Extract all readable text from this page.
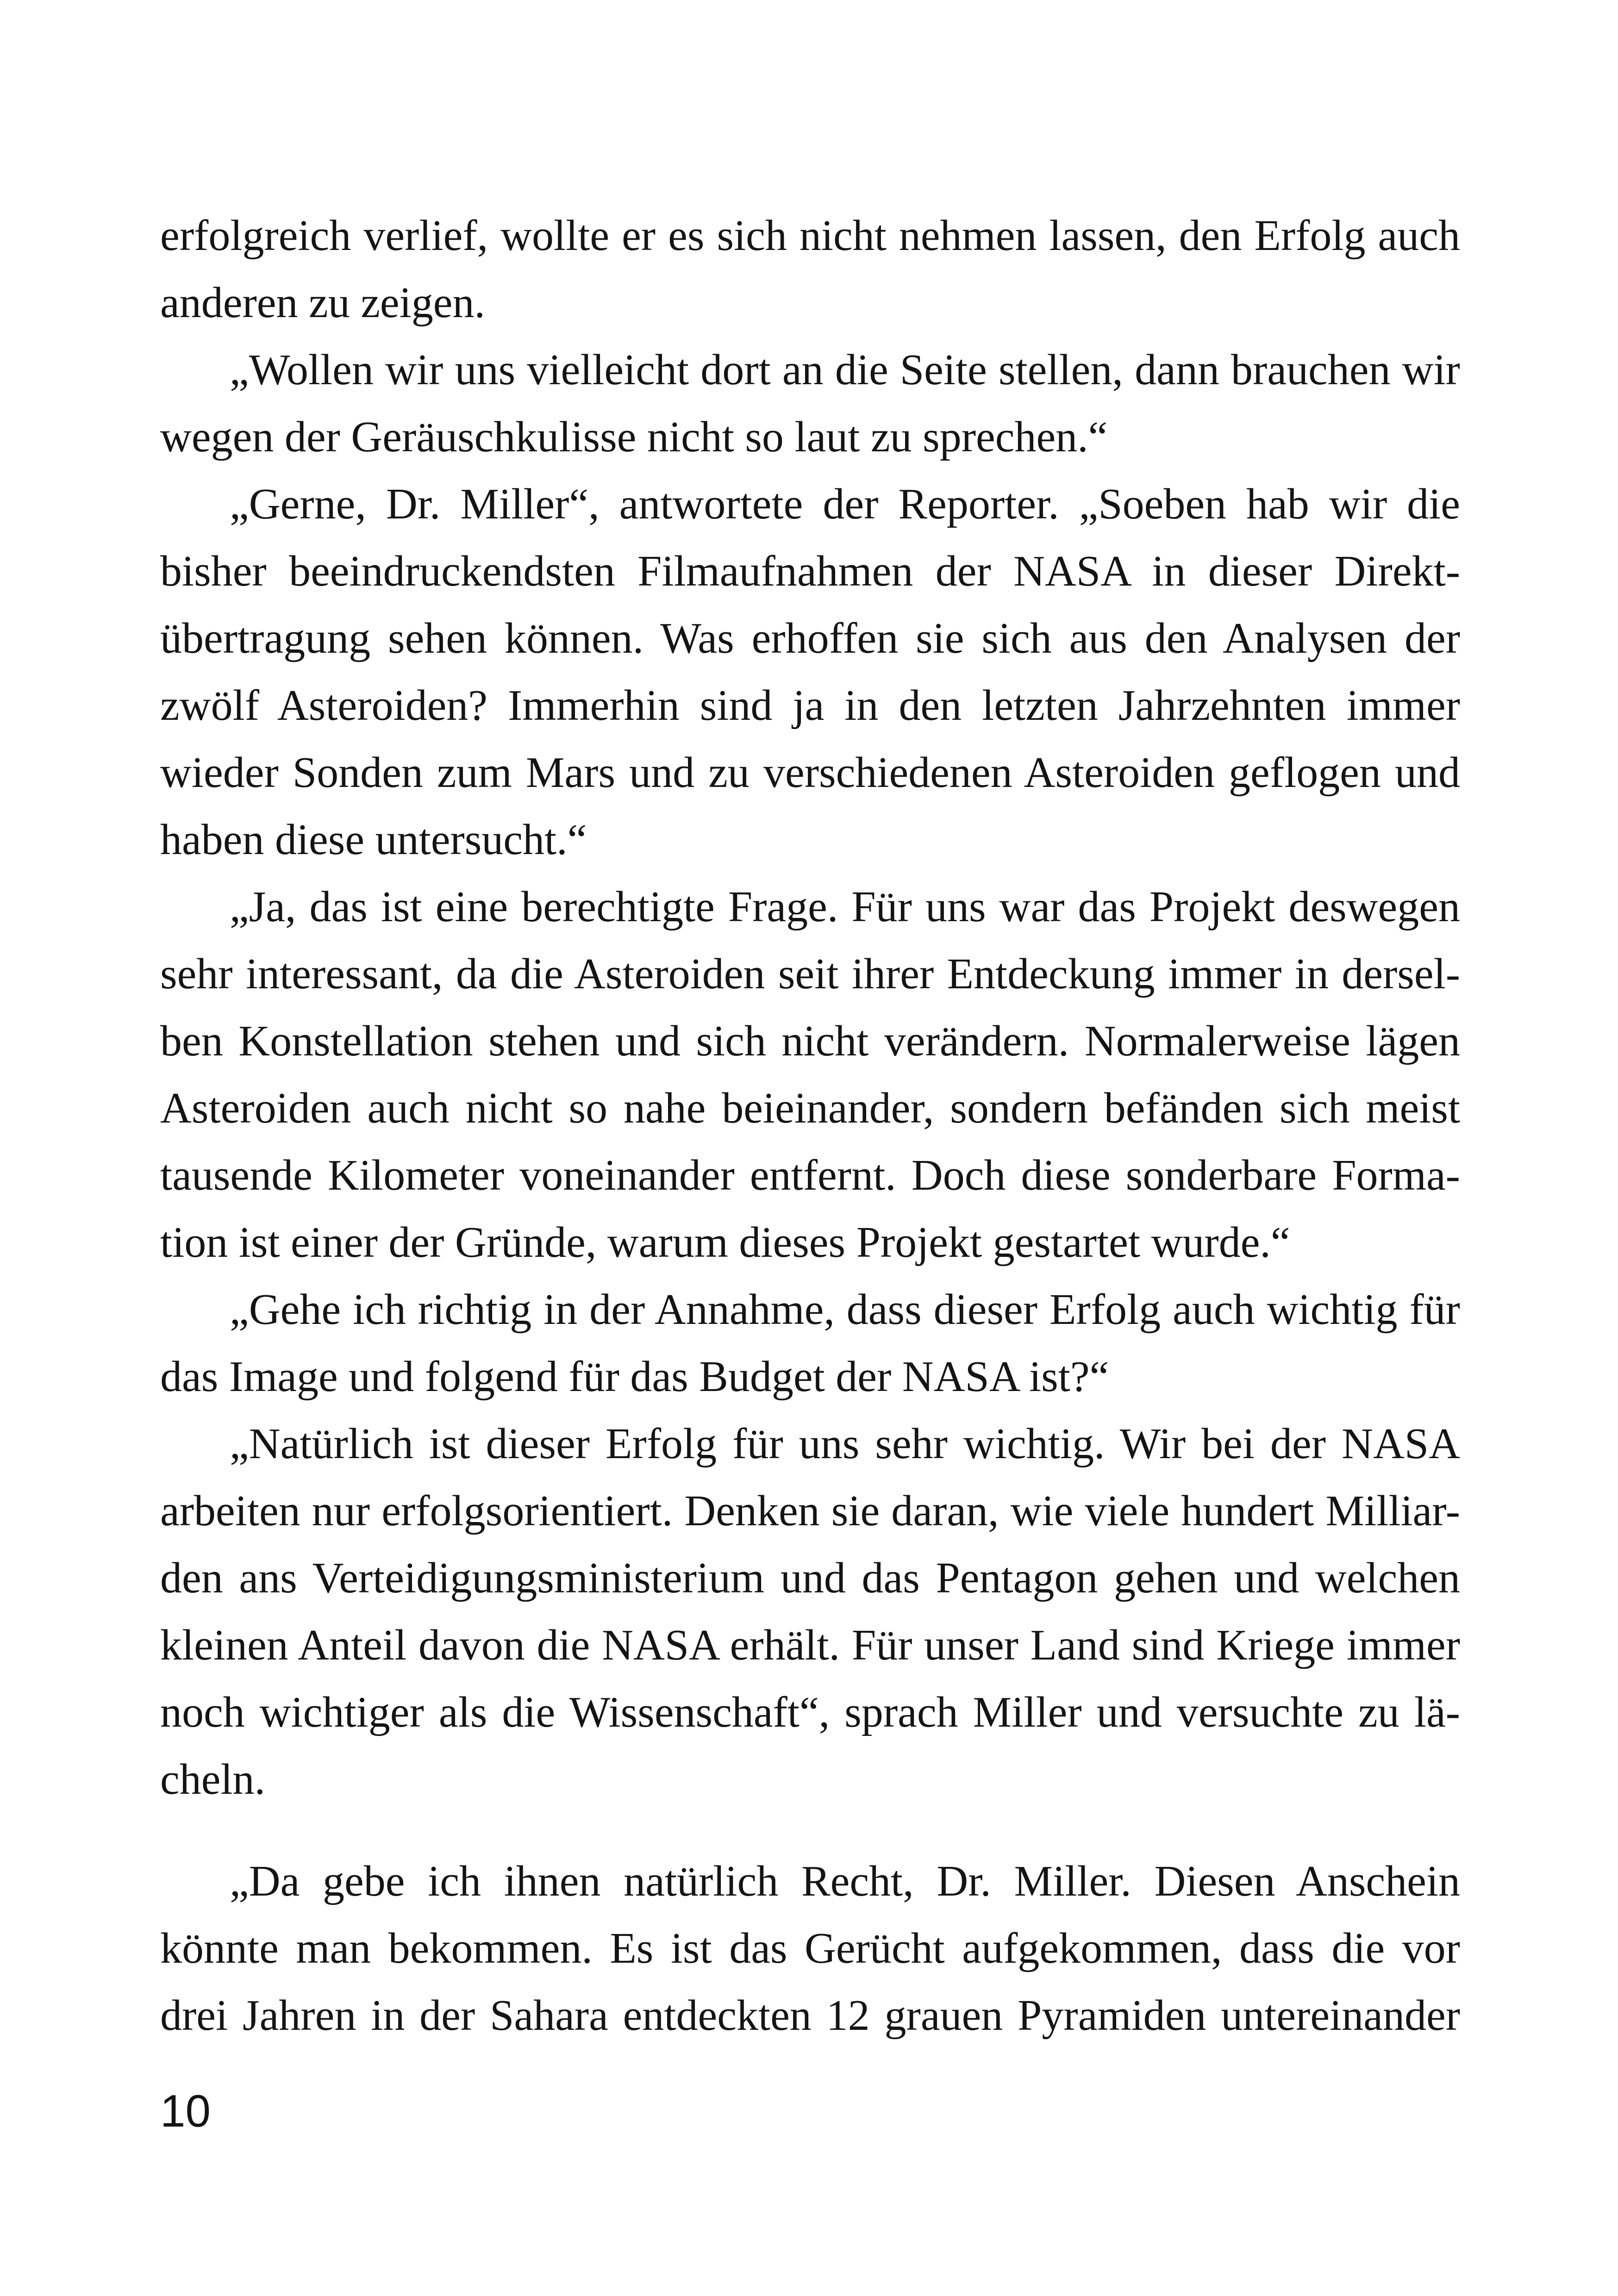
erfolgreich verlief, wollte er es sich nicht nehmen lassen, den Erfolg auch
anderen zu zeigen.
„Wollen wir uns vielleicht dort an die Seite stellen, dann brauchen wir
wegen der Geräuschkulisse nicht so laut zu sprechen.“
„Gerne, Dr. Miller“, antwortete der Reporter. „Soeben hab wir die
bisher beeindruckendsten Filmaufnahmen der NASA in dieser Direkt-
übertragung sehen können. Was erhoffen sie sich aus den Analysen der
zwölf Asteroiden? Immerhin sind ja in den letzten Jahrzehnten immer
wieder Sonden zum Mars und zu verschiedenen Asteroiden geflogen und
haben diese untersucht.“
„Ja, das ist eine berechtigte Frage. Für uns war das Projekt deswegen
sehr interessant, da die Asteroiden seit ihrer Entdeckung immer in dersel-
ben Konstellation stehen und sich nicht verändern. Normalerweise lägen
Asteroiden auch nicht so nahe beieinander, sondern befänden sich meist
tausende Kilometer voneinander entfernt. Doch diese sonderbare Forma-
tion ist einer der Gründe, warum dieses Projekt gestartet wurde.“
„Gehe ich richtig in der Annahme, dass dieser Erfolg auch wichtig für
das Image und folgend für das Budget der NASA ist?“
„Natürlich ist dieser Erfolg für uns sehr wichtig. Wir bei der NASA
arbeiten nur erfolgsorientiert. Denken sie daran, wie viele hundert Milliar-
den ans Verteidigungsministerium und das Pentagon gehen und welchen
kleinen Anteil davon die NASA erhält. Für unser Land sind Kriege immer
noch wichtiger als die Wissenschaft“, sprach Miller und versuchte zu lä-
cheln.
„Da gebe ich ihnen natürlich Recht, Dr. Miller. Diesen Anschein
könnte man bekommen. Es ist das Gerücht aufgekommen, dass die vor
drei Jahren in der Sahara entdeckten 12 grauen Pyramiden untereinander
10
